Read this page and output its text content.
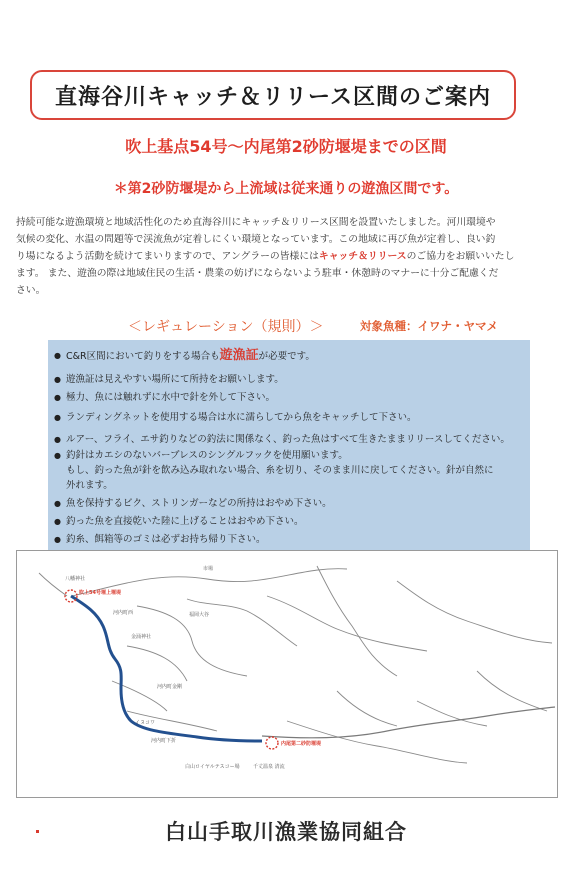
直海谷川キャッチ＆リリース区間のご案内
吹上基点54号～内尾第2砂防堰堤までの区間
＊第2砂防堰堤から上流域は従来通りの遊漁区間です。
持続可能な遊漁環境と地域活性化のため直海谷川にキャッチ＆リリース区間を設置いたしました。河川環境や
気候の変化、水温の問題等で渓流魚が定着しにくい環境となっています。この地域に再び魚が定着し、良い釣
り場になるよう活動を続けてまいりますので、アングラーの皆様にはキャッチ＆リリースのご協力をお願いいたし
ます。 また、遊漁の際は地域住民の生活・農業の妨げにならないよう駐車・休憩時のマナーに十分ご配慮くだ
さい。
＜レギュレーション（規則）＞	対象魚種：イワナ・ヤマメ
● C&R区間において釣りをする場合も遊漁証が必要です。
● 遊漁証は見えやすい場所にて所持をお願いします。
● 極力、魚には触れずに水中で針を外して下さい。
● ランディングネットを使用する場合は水に濡らしてから魚をキャッチして下さい。
● ルアー、フライ、エサ釣りなどの釣法に関係なく、釣った魚はすべて生きたままリリースしてください。
● 釣針はカエシのないバーブレスのシングルフックを使用願います。
もし、釣った魚が針を飲み込み取れない場合、糸を切り、そのまま川に戻してください。針が自然に
外れます。
● 魚を保持するビク、ストリンガーなどの所持はおやめ下さい。
● 釣った魚を直接乾いた陸に上げることはおやめ下さい。
● 釣糸、餌箱等のゴミは必ずお持ち帰り下さい。
吹上54号堰上堰堤
内尾第二砂防堰堤
八幡神社
河内町西
金涌神社
河内町金剛
イヌコワ
河内町下折
白山ロイヤルテスコー場	千丈温泉 清流
市場
福岡大谷
白山手取川漁業協同組合
